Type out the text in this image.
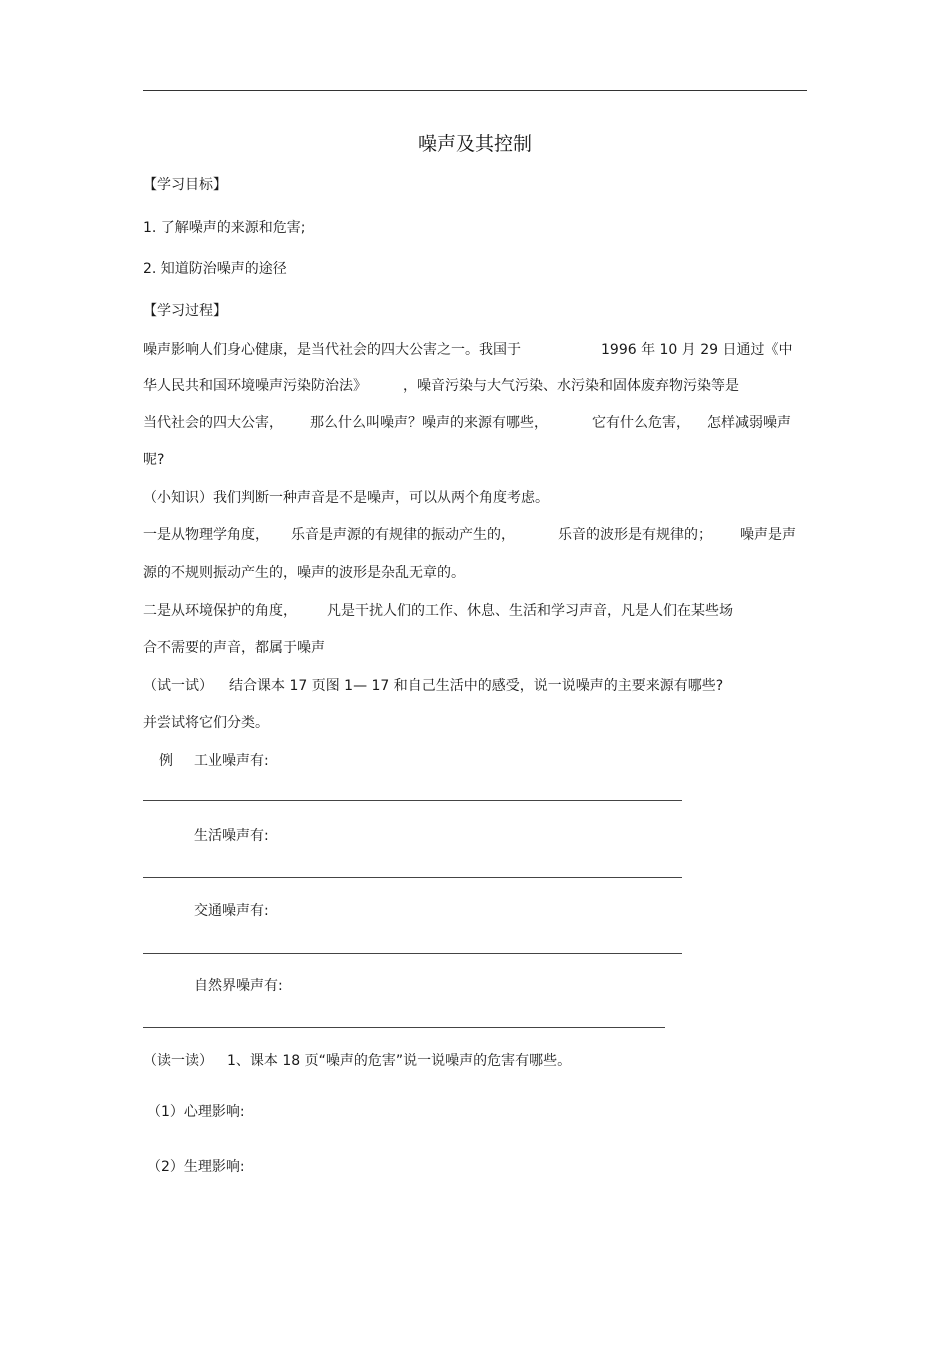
噪声及其控制
【学习目标】
1. 了解噪声的来源和危害;
2. 知道防治噪声的途径
【学习过程】
噪声影响人们身心健康，是当代社会的四大公害之一。我国于	1996 年 10 月 29 日通过《中
华人民共和国环境噪声污染防治法》	，噪音污染与大气污染、水污染和固体废弃物污染等是
当代社会的四大公害， 那么什么叫噪声？噪声的来源有哪些，	它有什么危害， 怎样减弱噪声
呢?
（小知识）我们判断一种声音是不是噪声，可以从两个角度考虑。
一是从物理学角度， 乐音是声源的有规律的振动产生的，	乐音的波形是有规律的； 噪声是声
源的不规则振动产生的，噪声的波形是杂乱无章的。
二是从环境保护的角度， 凡是干扰人们的工作、休息、生活和学习声音，凡是人们在某些场
合不需要的声音，都属于噪声
（试一试） 结合课本 17 页图 1— 17 和自己生活中的感受，说一说噪声的主要来源有哪些?
并尝试将它们分类。
例 工业噪声有:
生活噪声有:
交通噪声有:
自然界噪声有:
（读一读） 1、课本 18 页“噪声的危害”说一说噪声的危害有哪些。
（1）心理影响:
（2）生理影响:
